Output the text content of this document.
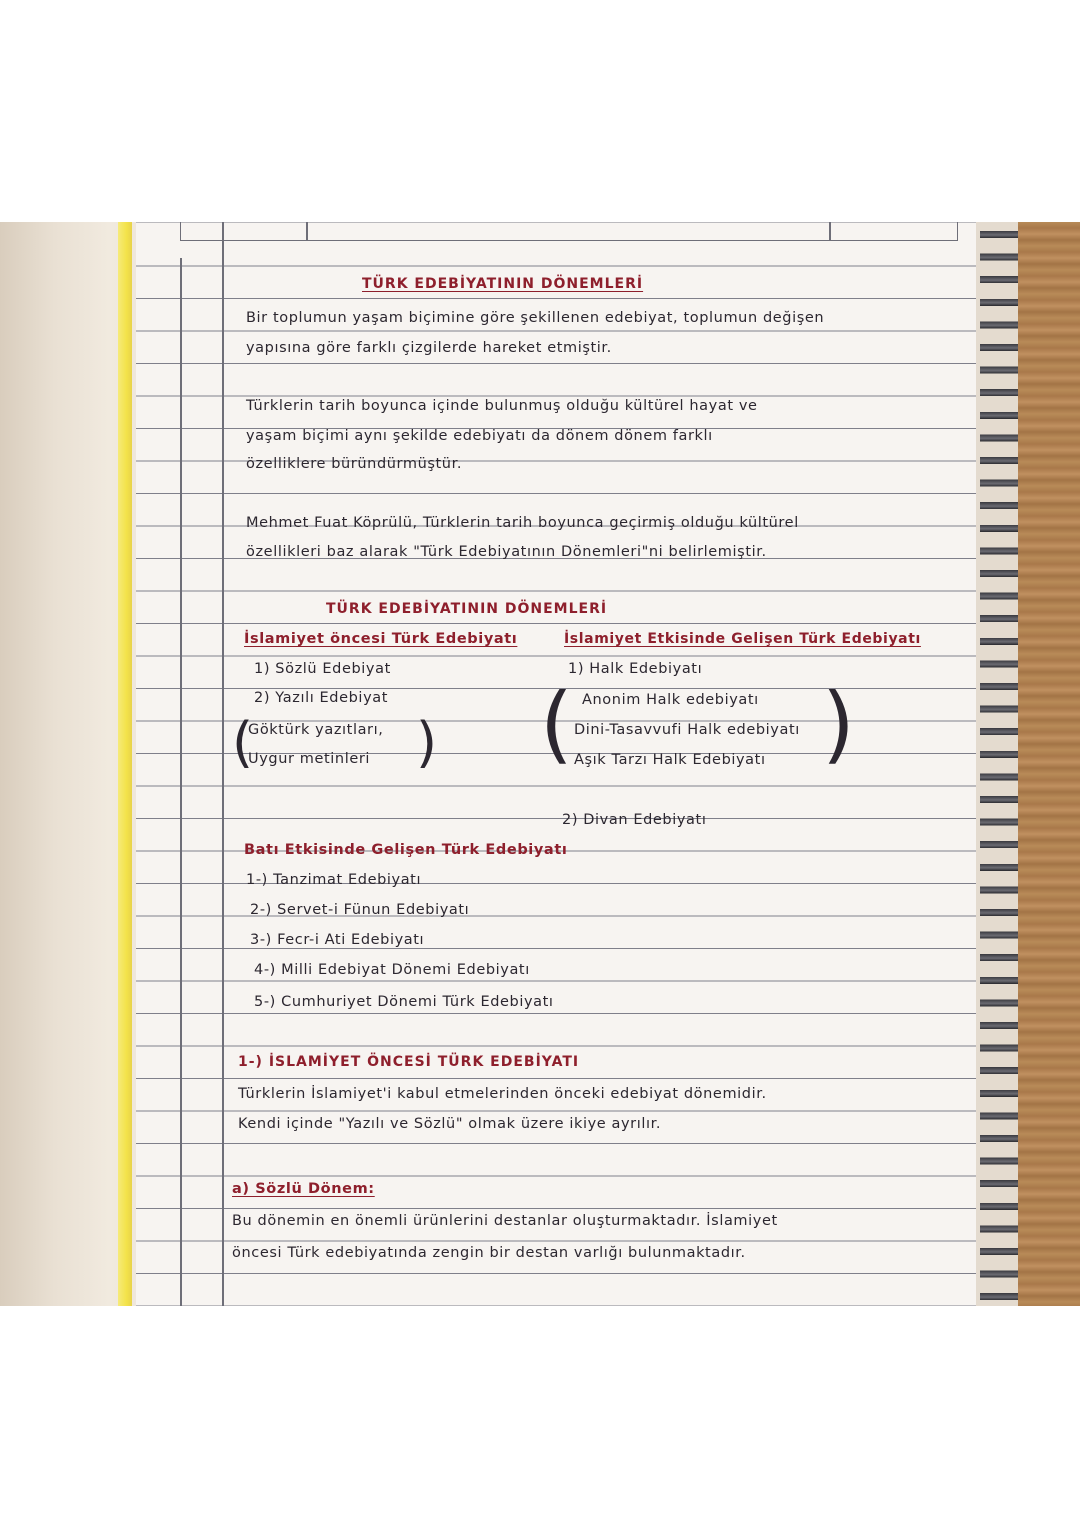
TÜRK EDEBİYATININ DÖNEMLERİ
Bir toplumun yaşam biçimine göre şekillenen edebiyat, toplumun değişen
yapısına göre farklı çizgilerde hareket etmiştir.
Türklerin tarih boyunca içinde bulunmuş olduğu kültürel hayat ve
yaşam biçimi aynı şekilde edebiyatı da dönem dönem farklı
özelliklere büründürmüştür.
Mehmet Fuat Köprülü, Türklerin tarih boyunca geçirmiş olduğu kültürel
özellikleri baz alarak "Türk Edebiyatının Dönemleri"ni belirlemiştir.
TÜRK EDEBİYATININ DÖNEMLERİ
İslamiyet öncesi Türk Edebiyatı
1) Sözlü Edebiyat
2) Yazılı Edebiyat
(
Göktürk yazıtları,
Uygur metinleri )
İslamiyet Etkisinde Gelişen Türk Edebiyatı
1) Halk Edebiyatı
( Anonim Halk edebiyatı
Dini-Tasavvufi Halk edebiyatı
Aşık Tarzı Halk Edebiyatı )
2) Divan Edebiyatı
Batı Etkisinde Gelişen Türk Edebiyatı
1-) Tanzimat Edebiyatı
2-) Servet-i Fünun Edebiyatı
3-) Fecr-i Ati Edebiyatı
4-) Milli Edebiyat Dönemi Edebiyatı
5-) Cumhuriyet Dönemi Türk Edebiyatı
1-) İSLAMİYET ÖNCESİ TÜRK EDEBİYATI
Türklerin İslamiyet'i kabul etmelerinden önceki edebiyat dönemidir.
Kendi içinde "Yazılı ve Sözlü" olmak üzere ikiye ayrılır.
a) Sözlü Dönem:
Bu dönemin en önemli ürünlerini destanlar oluşturmaktadır. İslamiyet
öncesi Türk edebiyatında zengin bir destan varlığı bulunmaktadır.
